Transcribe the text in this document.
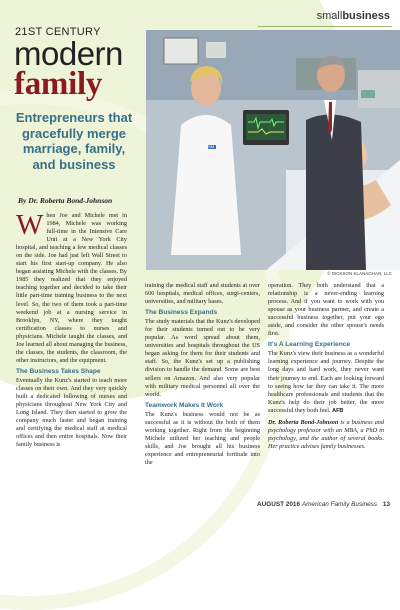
smallbusiness
21ST CENTURY
modern
family
Entrepreneurs that gracefully merge marriage, family, and business
By Dr. Roberta Bond-Johnson
SIM
© DICKSON KLANAGHAN, LLC

When Joe and Michele met in 1984, Michele was working full-time in the Intensive Care Unit at a New York City hospital, and teaching a few medical classes on the side. Joe had just left Wall Street to start his first start-up company. He also began assisting Michele with the classes. By 1985 they realized that they enjoyed teaching together and decided to take their little part-time training business to the next level. So, the two of them took a part-time weekend job at a nursing service in Brooklyn, NY, where they taught certification classes to nurses and physicians. Michele taught the classes, and Joe learned all about managing the business, the classes, the students, the classroom, the other instructors, and the equipment.

The Business Takes Shape

Eventually the Kunz's started to teach more classes on their own. And they very quickly built a dedicated following of nurses and physicians throughout New York City and Long Island. They then started to grow the company much faster and began training and certifying the medical staff at medical offices and then entire hospitals. Now their family business is

training the medical staff and students at over 600 hospitals, medical offices, surgi-centers, universities, and military bases.

The Business Expands

The study materials that the Kunz's developed for their students turned out to be very popular. As word spread about them, universities and hospitals throughout the US began asking for them for their students and staff. So, the Kunz's set up a publishing division to handle the demand. Some are best sellers on Amazon. And also very popular with military medical personnel all over the world.

Teamwork Makes It Work

The Kunz's business would not be as successful as it is without the both of them working together. Right from the beginning Michele utilized her teaching and people skills, and Joe brought all his business experience and entrepreneurial fortitude into the

operation. They both understand that a relationship is a never-ending learning process. And if you want to work with you spouse as your business partner, and create a successful business together, put your ego aside, and consider the other spouse's needs first.

It's A Learning Experience

The Kunz's view their business as a wonderful learning experience and journey. Despite the long days and hard work, they never want their journey to end. Each are looking forward to seeing how far they can take it. The more healthcare professionals and students that the Kunz's help do their job better, the more successful they both feel. AFB

Dr. Roberta Bond-Johnson is a business and psychology professor with an MBA, a PhD in psychology, and the author of several books. Her practice advises family businesses.

AUGUST 2016 American Family Business 13
